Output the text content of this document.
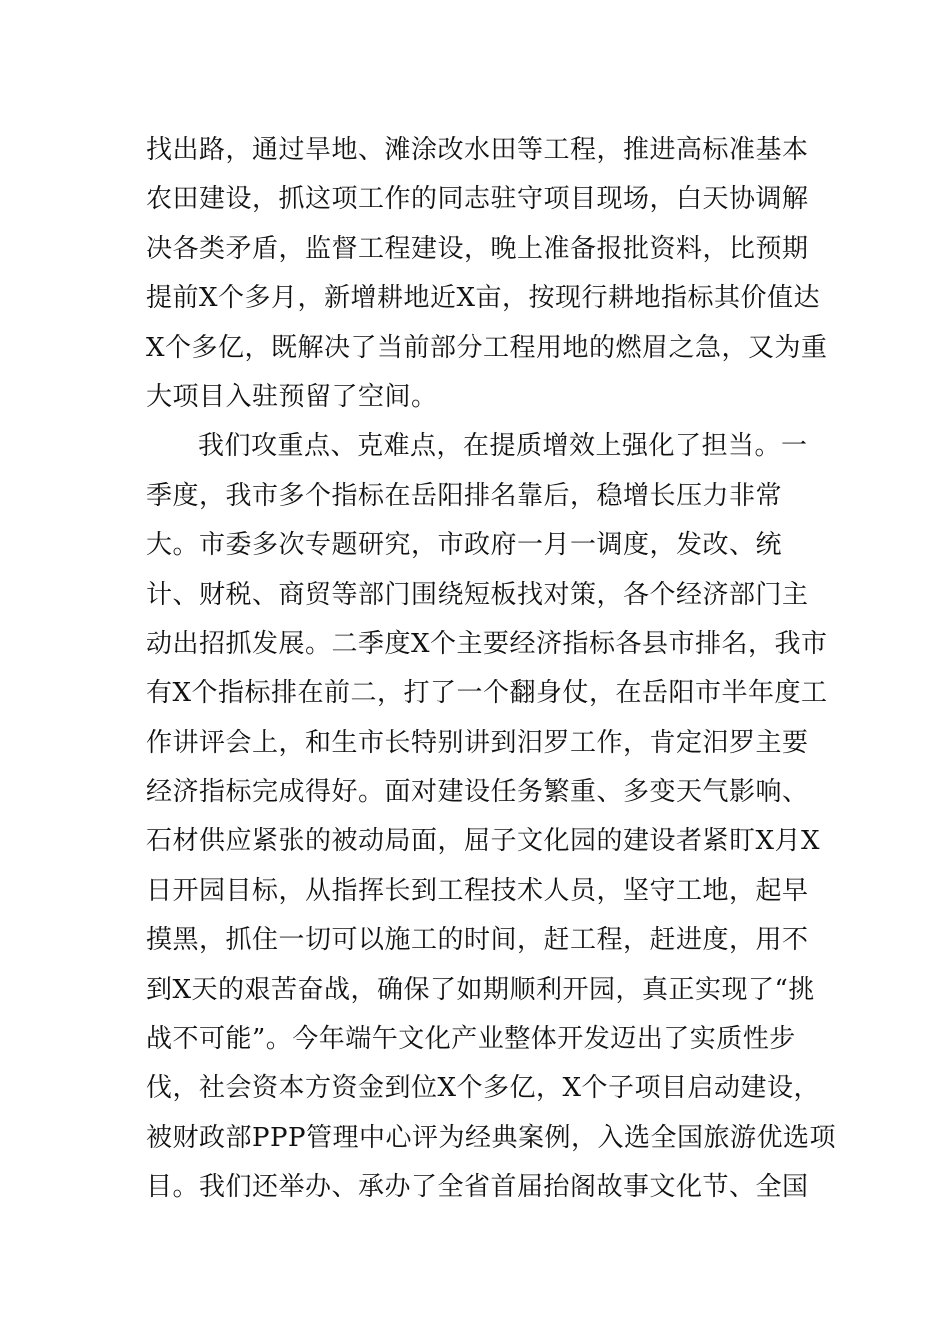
找出路，通过旱地、滩涂改水田等工程，推进高标准基本
农田建设，抓这项工作的同志驻守项目现场，白天协调解
决各类矛盾，监督工程建设，晚上准备报批资料，比预期
提前X个多月，新增耕地近X亩，按现行耕地指标其价值达
X个多亿，既解决了当前部分工程用地的燃眉之急，又为重
大项目入驻预留了空间。
我们攻重点、克难点，在提质增效上强化了担当。一
季度，我市多个指标在岳阳排名靠后，稳增长压力非常
大。市委多次专题研究，市政府一月一调度，发改、统
计、财税、商贸等部门围绕短板找对策，各个经济部门主
动出招抓发展。二季度X个主要经济指标各县市排名，我市
有X个指标排在前二，打了一个翻身仗，在岳阳市半年度工
作讲评会上，和生市长特别讲到汨罗工作，肯定汨罗主要
经济指标完成得好。面对建设任务繁重、多变天气影响、
石材供应紧张的被动局面，屈子文化园的建设者紧盯X月X
日开园目标，从指挥长到工程技术人员，坚守工地，起早
摸黑，抓住一切可以施工的时间，赶工程，赶进度，用不
到X天的艰苦奋战，确保了如期顺利开园，真正实现了“挑
战不可能”。今年端午文化产业整体开发迈出了实质性步
伐，社会资本方资金到位X个多亿，X个子项目启动建设，
被财政部PPP管理中心评为经典案例，入选全国旅游优选项
目。我们还举办、承办了全省首届抬阁故事文化节、全国
